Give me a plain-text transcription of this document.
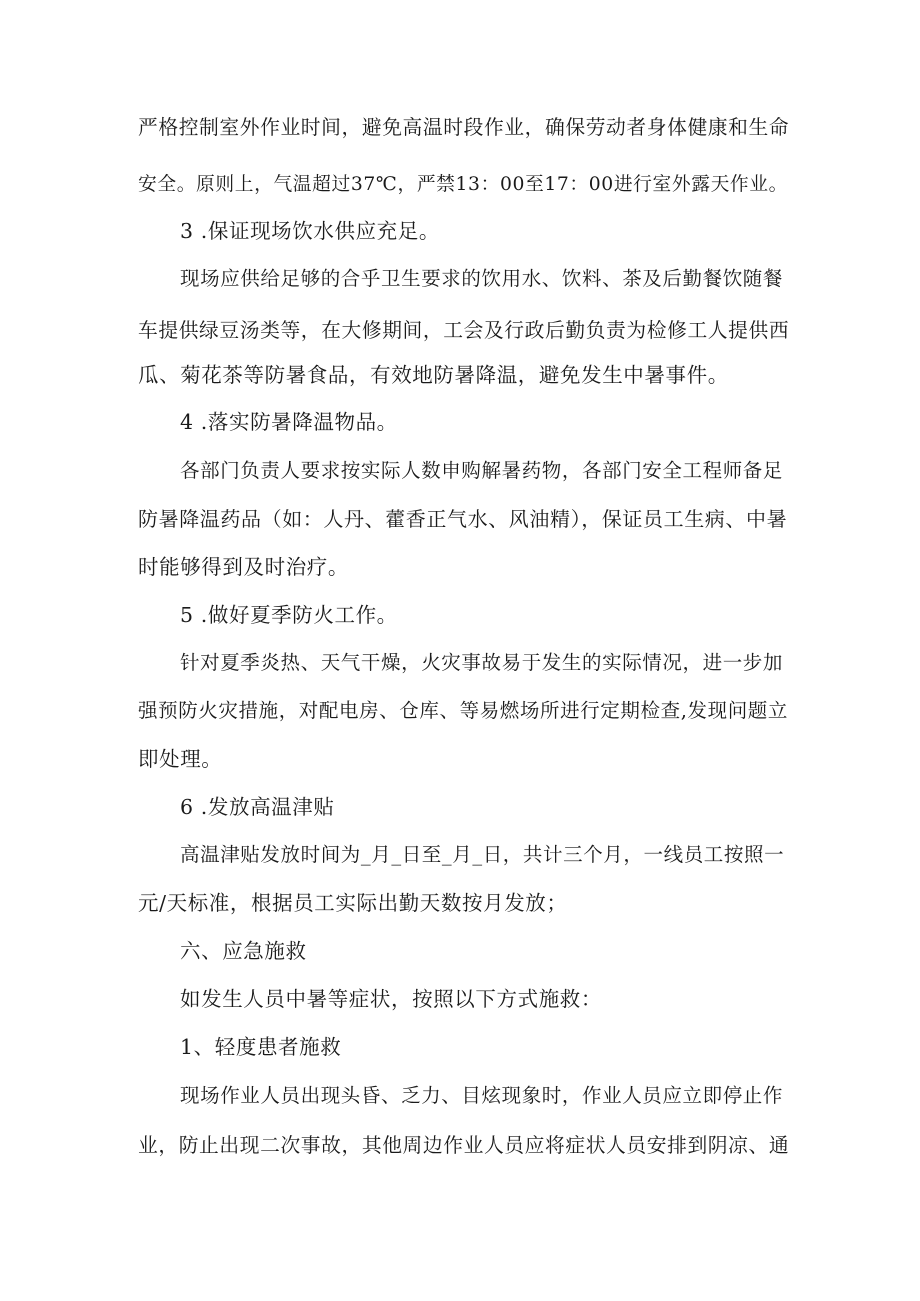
严格控制室外作业时间，避免高温时段作业，确保劳动者身体健康和生命
安全。原则上，气温超过37℃，严禁13：00至17：00进行室外露天作业。
3 .保证现场饮水供应充足。
现场应供给足够的合乎卫生要求的饮用水、饮料、茶及后勤餐饮随餐
车提供绿豆汤类等，在大修期间，工会及行政后勤负责为检修工人提供西
瓜、菊花茶等防暑食品，有效地防暑降温，避免发生中暑事件。
4 .落实防暑降温物品。
各部门负责人要求按实际人数申购解暑药物，各部门安全工程师备足
防暑降温药品（如：人丹、藿香正气水、风油精），保证员工生病、中暑
时能够得到及时治疗。
5 .做好夏季防火工作。
针对夏季炎热、天气干燥，火灾事故易于发生的实际情况，进一步加
强预防火灾措施，对配电房、仓库、等易燃场所进行定期检查,发现问题立
即处理。
6 .发放高温津贴
高温津贴发放时间为_月_日至_月_日，共计三个月，一线员工按照一
元/天标准，根据员工实际出勤天数按月发放；
六、应急施救
如发生人员中暑等症状，按照以下方式施救：
1、轻度患者施救
现场作业人员出现头昏、乏力、目炫现象时，作业人员应立即停止作
业，防止出现二次事故，其他周边作业人员应将症状人员安排到阴凉、通
